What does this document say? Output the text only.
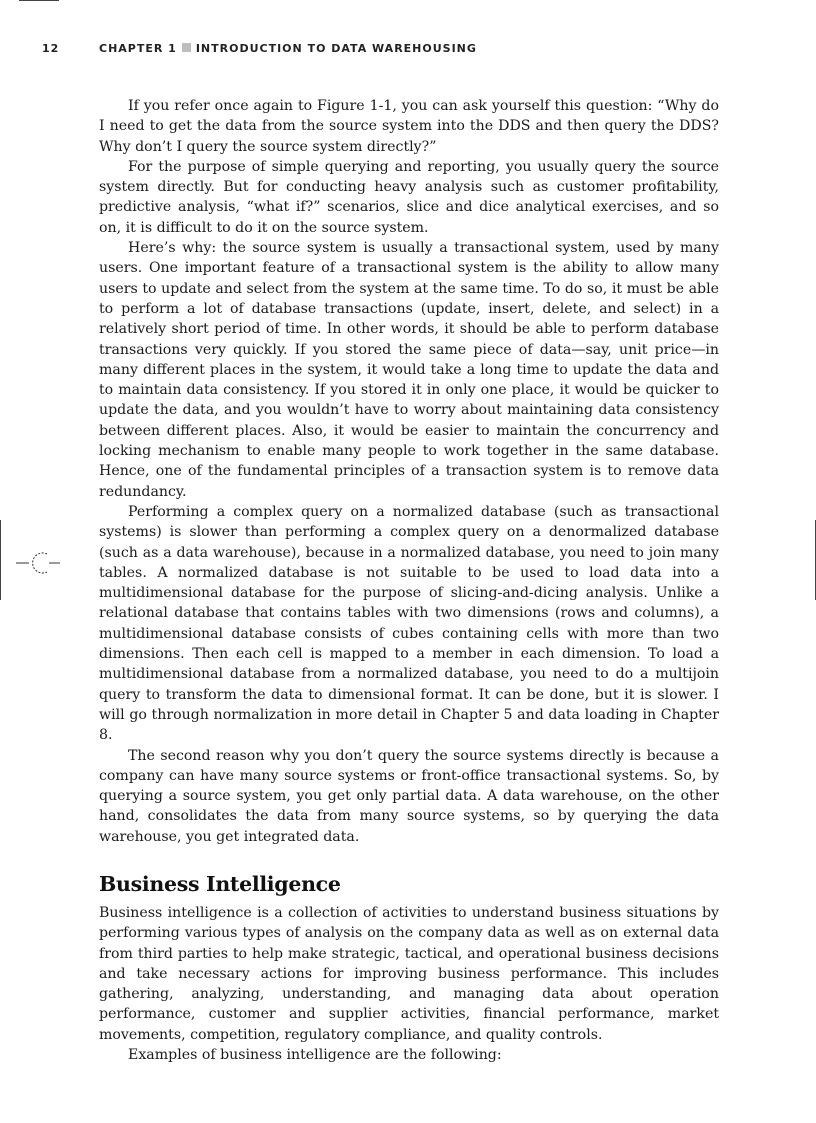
12	CHAPTER 1 INTRODUCTION TO DATA WAREHOUSING

If you refer once again to Figure 1-1, you can ask yourself this question: “Why do I need to get the data from the source system into the DDS and then query the DDS? Why don’t I query the source system directly?”

For the purpose of simple querying and reporting, you usually query the source system directly. But for conducting heavy analysis such as customer profitability, predictive analysis, “what if?” scenarios, slice and dice analytical exercises, and so on, it is difficult to do it on the source system.

Here’s why: the source system is usually a transactional system, used by many users. One important feature of a transactional system is the ability to allow many users to update and select from the system at the same time. To do so, it must be able to perform a lot of database transactions (update, insert, delete, and select) in a relatively short period of time. In other words, it should be able to perform database transactions very quickly. If you stored the same piece of data—say, unit price—in many different places in the system, it would take a long time to update the data and to maintain data consistency. If you stored it in only one place, it would be quicker to update the data, and you wouldn’t have to worry about maintaining data consistency between different places. Also, it would be easier to maintain the concurrency and locking mechanism to enable many people to work together in the same database. Hence, one of the fundamental principles of a transaction system is to remove data redundancy.

Performing a complex query on a normalized database (such as transactional systems) is slower than performing a complex query on a denormalized database (such as a data warehouse), because in a normalized database, you need to join many tables. A normalized database is not suitable to be used to load data into a multidimensional database for the purpose of slicing-and-dicing analysis. Unlike a relational database that contains tables with two dimensions (rows and columns), a multidimensional database consists of cubes containing cells with more than two dimensions. Then each cell is mapped to a member in each dimension. To load a multidimensional database from a normalized database, you need to do a multijoin query to transform the data to dimensional format. It can be done, but it is slower. I will go through normalization in more detail in Chapter 5 and data loading in Chapter 8.

The second reason why you don’t query the source systems directly is because a company can have many source systems or front-office transactional systems. So, by querying a source system, you get only partial data. A data warehouse, on the other hand, consolidates the data from many source systems, so by querying the data warehouse, you get integrated data.

Business Intelligence

Business intelligence is a collection of activities to understand business situations by performing various types of analysis on the company data as well as on external data from third parties to help make strategic, tactical, and operational business decisions and take necessary actions for improving business performance. This includes gathering, analyzing, understanding, and managing data about operation performance, customer and supplier activities, financial performance, market movements, competition, regulatory compliance, and quality controls.

Examples of business intelligence are the following:
